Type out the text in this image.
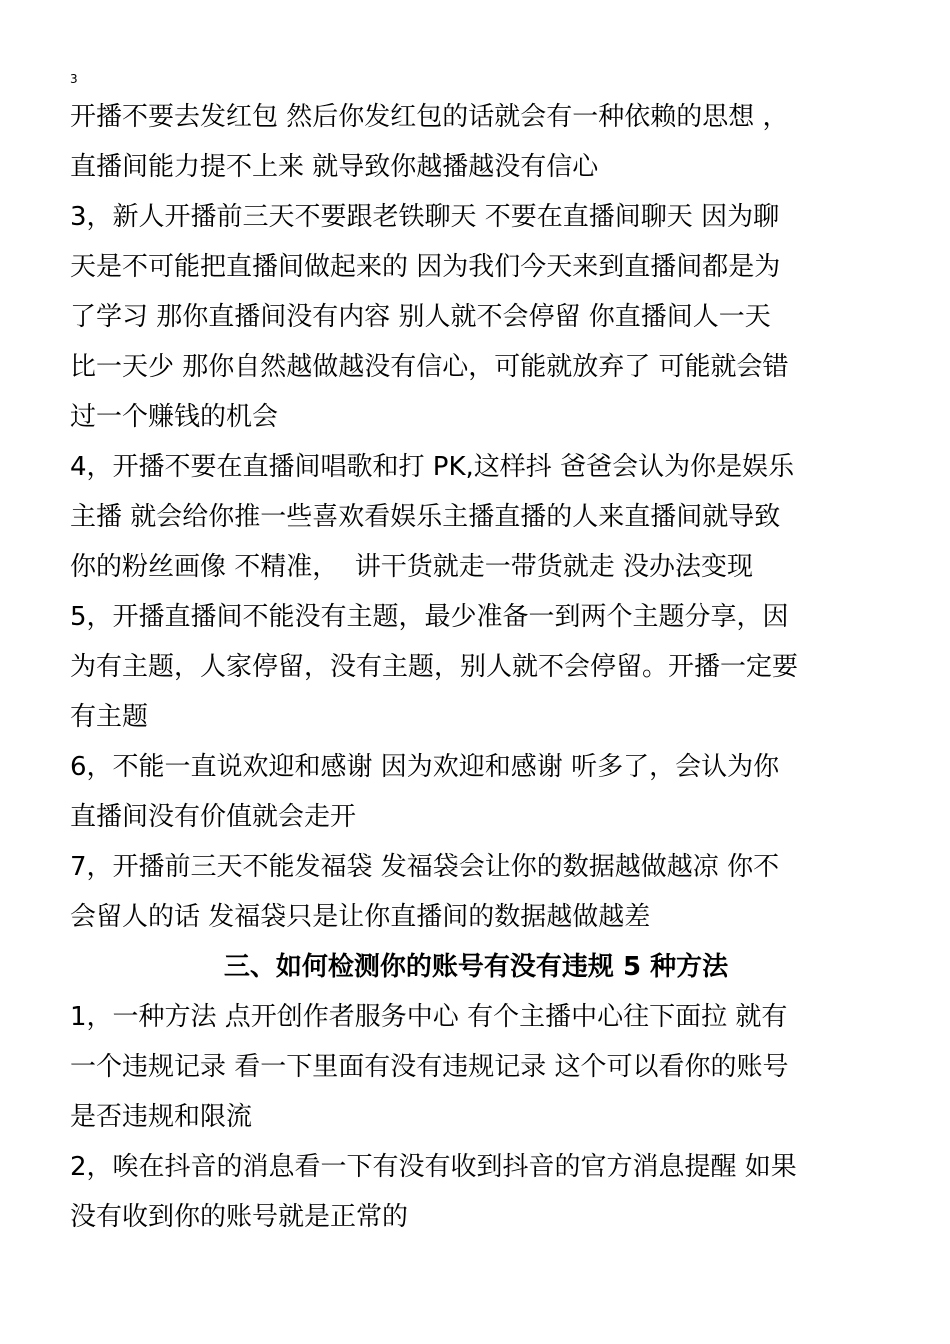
3
开播不要去发红包 然后你发红包的话就会有一种依赖的思想 ，
直播间能力提不上来 就导致你越播越没有信心
3，新人开播前三天不要跟老铁聊天 不要在直播间聊天 因为聊
天是不可能把直播间做起来的 因为我们今天来到直播间都是为
了学习 那你直播间没有内容 别人就不会停留 你直播间人一天
比一天少 那你自然越做越没有信心，可能就放弃了 可能就会错
过一个赚钱的机会
4，开播不要在直播间唱歌和打 PK,这样抖 爸爸会认为你是娱乐
主播 就会给你推一些喜欢看娱乐主播直播的人来直播间就导致
你的粉丝画像 不精准，  讲干货就走一带货就走 没办法变现
5，开播直播间不能没有主题，最少准备一到两个主题分享，因
为有主题，人家停留，没有主题，别人就不会停留。开播一定要
有主题
6，不能一直说欢迎和感谢 因为欢迎和感谢 听多了，会认为你
直播间没有价值就会走开
7，开播前三天不能发福袋 发福袋会让你的数据越做越凉 你不
会留人的话 发福袋只是让你直播间的数据越做越差
三、如何检测你的账号有没有违规 5 种方法
1，一种方法 点开创作者服务中心 有个主播中心往下面拉 就有
一个违规记录 看一下里面有没有违规记录 这个可以看你的账号
是否违规和限流
2，唉在抖音的消息看一下有没有收到抖音的官方消息提醒 如果
没有收到你的账号就是正常的
